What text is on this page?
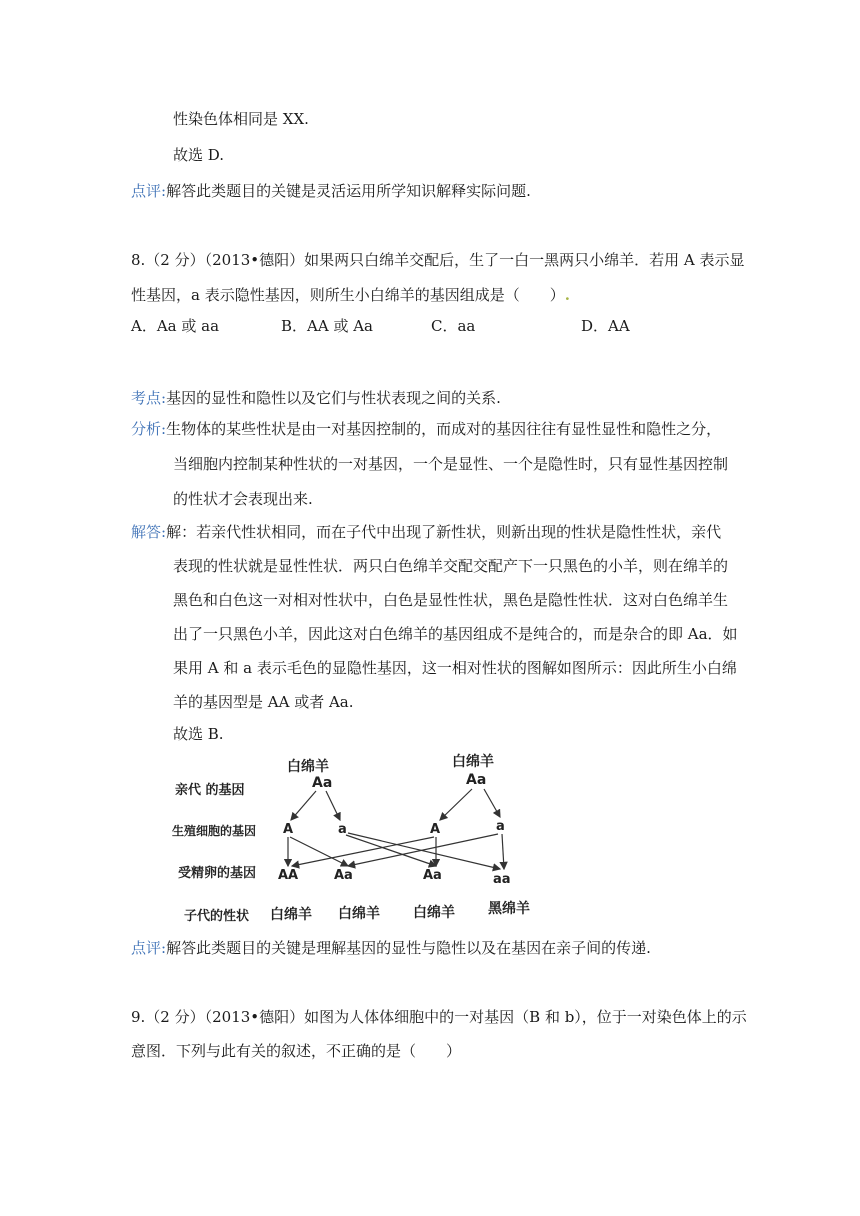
性染色体相同是 XX.
故选 D.
点评:解答此类题目的关键是灵活运用所学知识解释实际问题.
8.（2 分）（2013•德阳）如果两只白绵羊交配后，生了一白一黑两只小绵羊．若用 A 表示显
性基因，a 表示隐性基因，则所生小白绵羊的基因组成是（　　）.
A．Aa 或 aa	B．AA 或 Aa	C．aa	D．AA
考点:基因的显性和隐性以及它们与性状表现之间的关系.
分析:生物体的某些性状是由一对基因控制的，而成对的基因往往有显性显性和隐性之分，
当细胞内控制某种性状的一对基因，一个是显性、一个是隐性时，只有显性基因控制
的性状才会表现出来.
解答:解：若亲代性状相同，而在子代中出现了新性状，则新出现的性状是隐性性状，亲代
表现的性状就是显性性状．两只白色绵羊交配交配产下一只黑色的小羊，则在绵羊的
黑色和白色这一对相对性状中，白色是显性性状，黑色是隐性性状．这对白色绵羊生
出了一只黑色小羊，因此这对白色绵羊的基因组成不是纯合的，而是杂合的即 Aa．如
果用 A 和 a 表示毛色的显隐性基因，这一相对性状的图解如图所示：因此所生小白绵
羊的基因型是 AA 或者 Aa.
故选 B.
亲代 的基因
生殖细胞的基因
受精卵的基因
子代的性状
白绵羊	白绵羊
Aa	Aa
A	a	A	a
AA	Aa	Aa	aa
白绵羊 白绵羊 白绵羊 黑绵羊
点评:解答此类题目的关键是理解基因的显性与隐性以及在基因在亲子间的传递.
9.（2 分）（2013•德阳）如图为人体体细胞中的一对基因（B 和 b），位于一对染色体上的示
意图．下列与此有关的叙述，不正确的是（　　）
